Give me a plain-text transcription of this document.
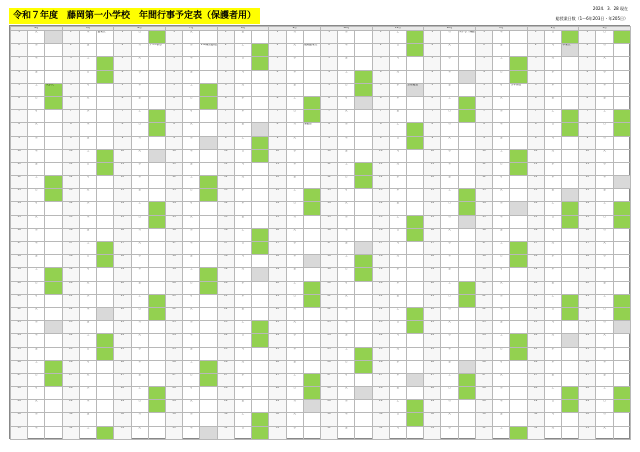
令和７年度　藤岡第一小学校　年間行事予定表（保護者用）
2024．3．28 現在
総授業日数（1～6年203日・年205日）
4月			5月			6月			7月			8月			9月			10月			11月			12月			1月			2月			3月		
1	火		1	木	始業式	1	日		1	火		1	金		1	月		1	水		1	土		1	月	あいさつ運動	1	木		1	日		1	日	
2	水		2	金		2	月	プール開き	2	水	PTA運営委員会	2	土		2	火	後期始業式	2	木		2	日		2	火		2	金		2	月	卒業式	2	月	
3	木		3	土		3	火		3	木		3	日		3	水		3	金		3	月		3	水		3	土		3	火		3	火	
4	金		4	日		4	水		4	金		4	月		4	木		4	土		4	火		4	木		4	日		4	水		4	水	
5	土	入学式	5	月		5	木		5	土		5	火		5	金		5	日		5	水	芸術鑑賞	5	金		5	月	学年閉校	5	木		5	木	
6	日		6	火		6	金		6	日		6	水		6	土		6	月		6	木		6	土		6	火		6	金		6	金	
7	月		7	水		7	土		7	月		7	木		7	日		7	火		7	金		7	日		7	水		7	土		7	土	
8	火		8	木		8	日		8	火		8	金		8	月	運動会	8	水		8	土		8	月		8	木		8	日		8	日	
9	水		9	金		9	月		9	水		9	土		9	火		9	木		9	日		9	火		9	金		9	月		9	月	
10	木		10	土		10	火		10	木		10	日		10	水		10	金		10	月		10	水		10	土		10	火		10	火	
11	金		11	日		11	水		11	金		11	月		11	木		11	土		11	火		11	木		11	日		11	水		11	水	
12	土		12	月		12	木		12	土		12	火		12	金		12	日		12	水		12	金		12	月		12	木		12	木	
13	日		13	火		13	金		13	日		13	水		13	土		13	月		13	木		13	土		13	火		13	金		13	金	
14	月		14	水		14	土		14	月		14	木		14	日		14	火		14	金		14	日		14	水		14	土		14	土	
15	火		15	木		15	日		15	火		15	金		15	月		15	水		15	土		15	月		15	木		15	日		15	日	
16	水		16	金		16	月		16	水		16	土		16	火		16	木		16	日		16	火		16	金		16	月		16	月	
17	木		17	土		17	火		17	木		17	日		17	水		17	金		17	月		17	水		17	土		17	火		17	火	
18	金		18	日		18	水		18	金		18	月		18	木		18	土		18	火		18	木		18	日		18	水		18	水	
19	土		19	月		19	木		19	土		19	火		19	金		19	日		19	水		19	金		19	月		19	木		19	木	
20	日		20	火		20	金		20	日		20	水		20	土		20	月		20	木		20	土		20	火		20	金		20	金	
21	月		21	水		21	土		21	月		21	木		21	日		21	火		21	金		21	日		21	水		21	土		21	土	
22	火		22	木		22	日		22	火		22	金		22	月		22	水		22	土		22	月		22	木		22	日		22	日	
23	水		23	金		23	月		23	水		23	土		23	火		23	木		23	日		23	火		23	金		23	月		23	月	
24	木		24	土		24	火		24	木		24	日		24	水		24	金		24	月		24	水		24	土		24	火		24	火	
25	金		25	日		25	水		25	金		25	月		25	木		25	土		25	火		25	木		25	日		25	水		25	水	
26	土		26	月		26	木		26	土		26	火		26	金		26	日		26	水		26	金		26	月		26	木		26	木	
27	日		27	火		27	金		27	日		27	水		27	土		27	月		27	木		27	土		27	火		27	金		27	金	
28	月		28	水		28	土		28	月		28	木		28	日		28	火		28	金		28	日		28	水		28	土		28	土	
29	火		29	木		29	日		29	火		29	金		29	月		29	水		29	土		29	月		29	木		29	日		29	日	
30	水		30	金		30	月		30	水		30	土		30	火		30	木		30	日		30	火		30	金		30	月		30	月	
31	木		31	土		31	火		31	木		31	日		31	水		31	金		31	月		31	水		31	土		31	火		31	火	
